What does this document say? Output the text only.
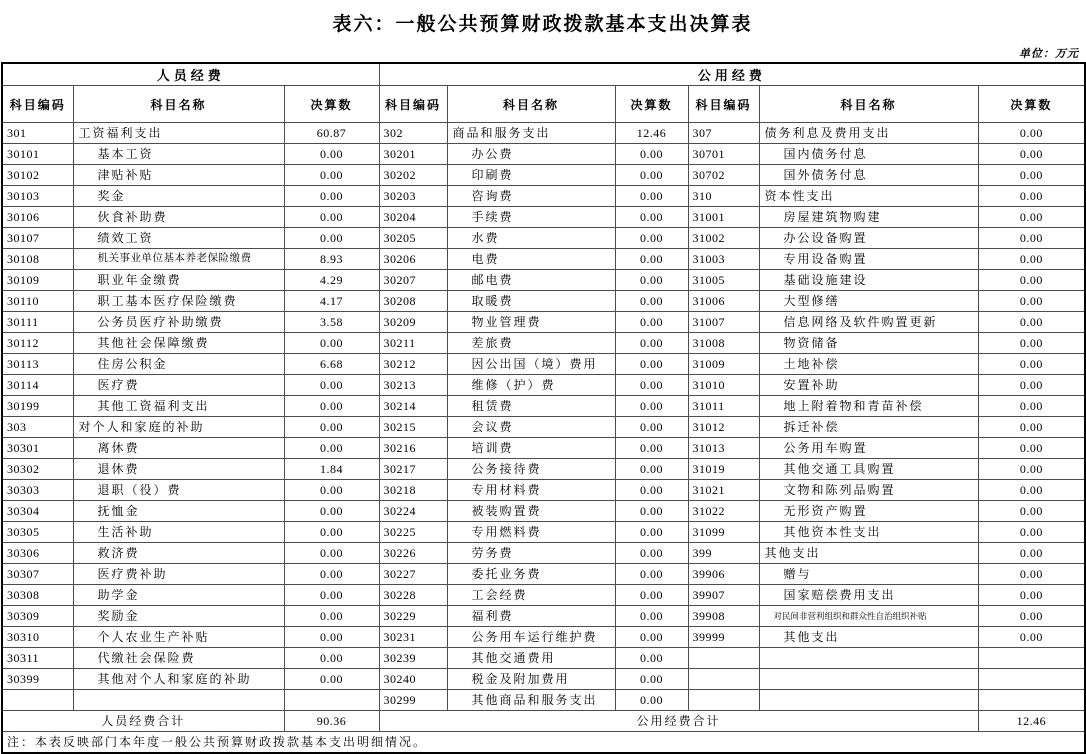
表六：一般公共预算财政拨款基本支出决算表
单位：万元
人员经费			公用经费					
科目编码	科目名称	决算数	科目编码	科目名称	决算数	科目编码	科目名称	决算数
301	工资福利支出	60.87	302	商品和服务支出	12.46	307	债务利息及费用支出	0.00
30101	基本工资	0.00	30201	办公费	0.00	30701	国内债务付息	0.00
30102	津贴补贴	0.00	30202	印刷费	0.00	30702	国外债务付息	0.00
30103	奖金	0.00	30203	咨询费	0.00	310	资本性支出	0.00
30106	伙食补助费	0.00	30204	手续费	0.00	31001	房屋建筑物购建	0.00
30107	绩效工资	0.00	30205	水费	0.00	31002	办公设备购置	0.00
30108	机关事业单位基本养老保险缴费	8.93	30206	电费	0.00	31003	专用设备购置	0.00
30109	职业年金缴费	4.29	30207	邮电费	0.00	31005	基础设施建设	0.00
30110	职工基本医疗保险缴费	4.17	30208	取暖费	0.00	31006	大型修缮	0.00
30111	公务员医疗补助缴费	3.58	30209	物业管理费	0.00	31007	信息网络及软件购置更新	0.00
30112	其他社会保障缴费	0.00	30211	差旅费	0.00	31008	物资储备	0.00
30113	住房公积金	6.68	30212	因公出国（境）费用	0.00	31009	土地补偿	0.00
30114	医疗费	0.00	30213	维修（护）费	0.00	31010	安置补助	0.00
30199	其他工资福利支出	0.00	30214	租赁费	0.00	31011	地上附着物和青苗补偿	0.00
303	对个人和家庭的补助	0.00	30215	会议费	0.00	31012	拆迁补偿	0.00
30301	离休费	0.00	30216	培训费	0.00	31013	公务用车购置	0.00
30302	退休费	1.84	30217	公务接待费	0.00	31019	其他交通工具购置	0.00
30303	退职（役）费	0.00	30218	专用材料费	0.00	31021	文物和陈列品购置	0.00
30304	抚恤金	0.00	30224	被装购置费	0.00	31022	无形资产购置	0.00
30305	生活补助	0.00	30225	专用燃料费	0.00	31099	其他资本性支出	0.00
30306	救济费	0.00	30226	劳务费	0.00	399	其他支出	0.00
30307	医疗费补助	0.00	30227	委托业务费	0.00	39906	赠与	0.00
30308	助学金	0.00	30228	工会经费	0.00	39907	国家赔偿费用支出	0.00
30309	奖励金	0.00	30229	福利费	0.00	39908	对民间非营利组织和群众性自治组织补贴	0.00
30310	个人农业生产补贴	0.00	30231	公务用车运行维护费	0.00	39999	其他支出	0.00
30311	代缴社会保险费	0.00	30239	其他交通费用	0.00			
30399	其他对个人和家庭的补助	0.00	30240	税金及附加费用	0.00			
			30299	其他商品和服务支出	0.00			
人员经费合计		90.36	公用经费合计					12.46
注：本表反映部门本年度一般公共预算财政拨款基本支出明细情况。								
